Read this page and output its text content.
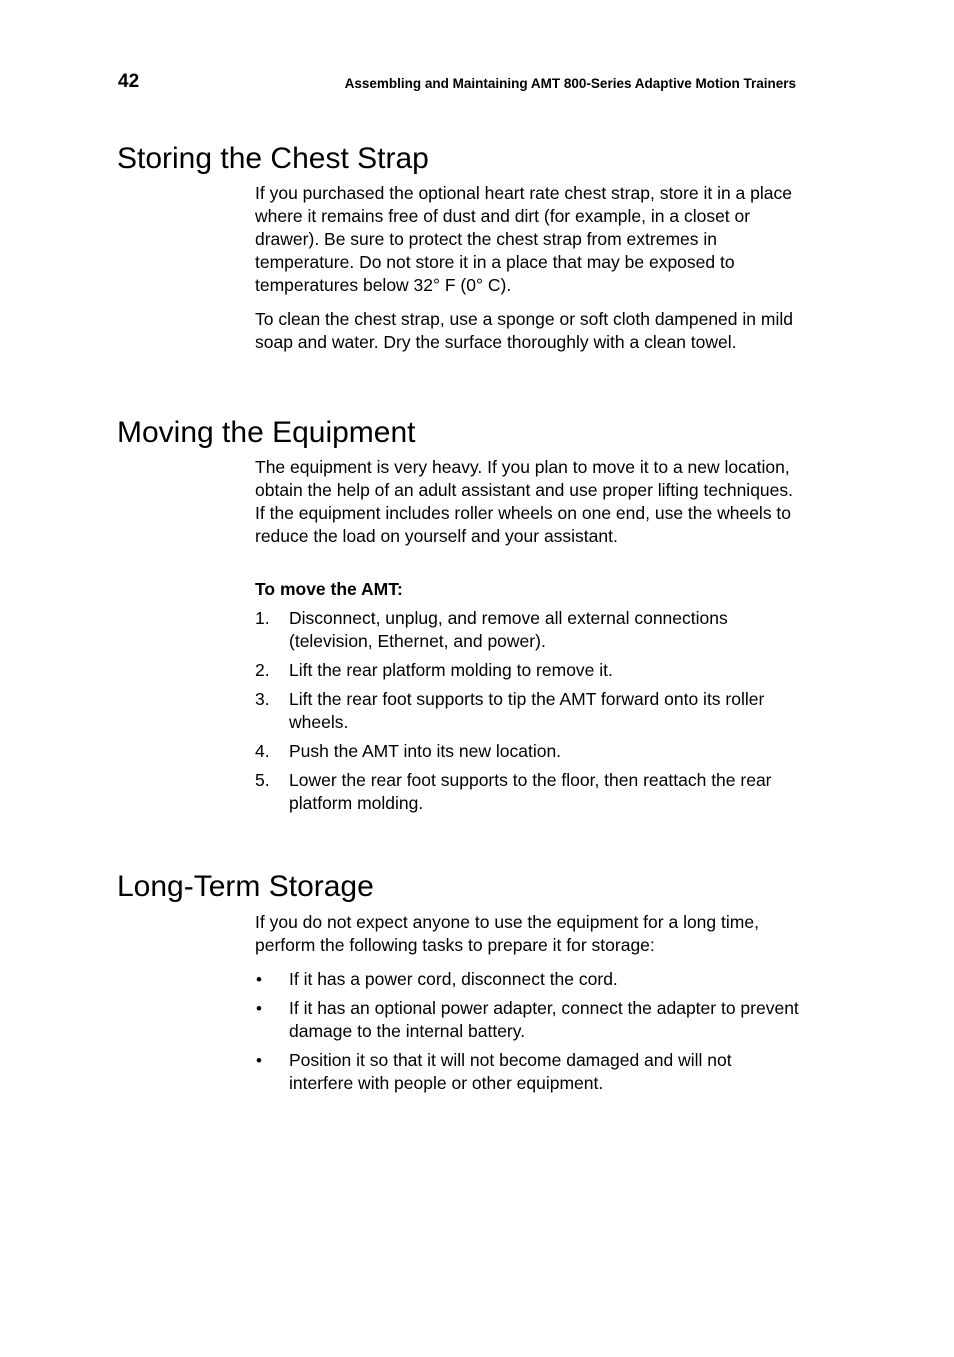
42	Assembling and Maintaining AMT 800-Series Adaptive Motion Trainers
Storing the Chest Strap

If you purchased the optional heart rate chest strap, store it in a place where it remains free of dust and dirt (for example, in a closet or drawer). Be sure to protect the chest strap from extremes in temperature. Do not store it in a place that may be exposed to temperatures below 32° F (0° C).

To clean the chest strap, use a sponge or soft cloth dampened in mild soap and water. Dry the surface thoroughly with a clean towel.

Moving the Equipment

The equipment is very heavy. If you plan to move it to a new location, obtain the help of an adult assistant and use proper lifting techniques. If the equipment includes roller wheels on one end, use the wheels to reduce the load on yourself and your assistant.

To move the AMT:

1. Disconnect, unplug, and remove all external connections (television, Ethernet, and power).
2. Lift the rear platform molding to remove it.
3. Lift the rear foot supports to tip the AMT forward onto its roller wheels.
4. Push the AMT into its new location.
5. Lower the rear foot supports to the floor, then reattach the rear platform molding.
Long-Term Storage

If you do not expect anyone to use the equipment for a long time, perform the following tasks to prepare it for storage:

• If it has a power cord, disconnect the cord.
• If it has an optional power adapter, connect the adapter to prevent damage to the internal battery.
• Position it so that it will not become damaged and will not interfere with people or other equipment.
